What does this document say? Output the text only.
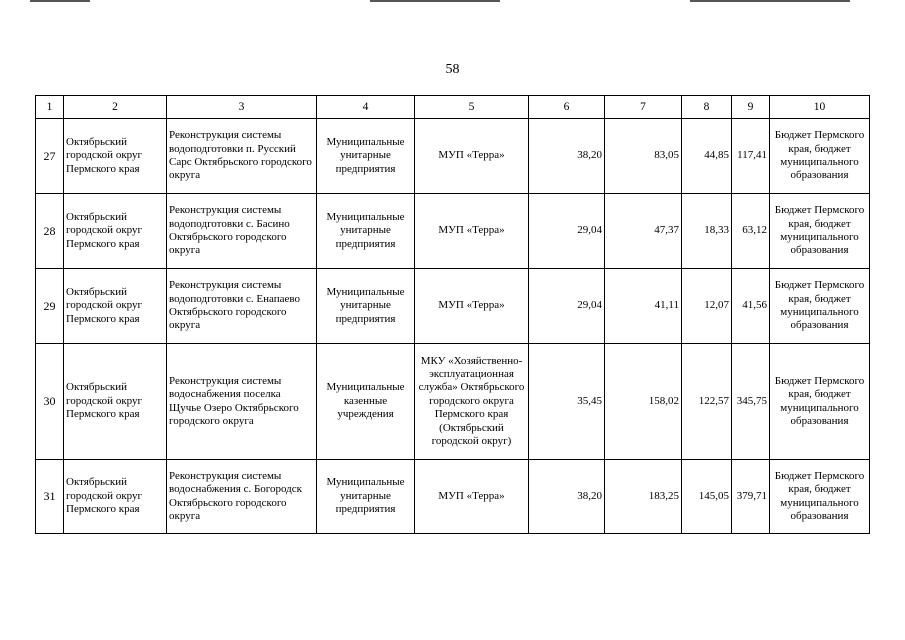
58
1	2	3	4	5	6	7	8	9	10
27	Октябрьский городской округ Пермского края	Реконструкция системы водоподготовки п. Русский Сарс Октябрьского городского округа	Муниципальные унитарные предприятия	МУП «Терра»	38,20	83,05	44,85	117,41	Бюджет Пермского края, бюджет муниципального образования
28	Октябрьский городской округ Пермского края	Реконструкция системы водоподготовки с. Басино Октябрьского городского округа	Муниципальные унитарные предприятия	МУП «Терра»	29,04	47,37	18,33	63,12	Бюджет Пермского края, бюджет муниципального образования
29	Октябрьский городской округ Пермского края	Реконструкция системы водоподготовки с. Енапаево Октябрьского городского округа	Муниципальные унитарные предприятия	МУП «Терра»	29,04	41,11	12,07	41,56	Бюджет Пермского края, бюджет муниципального образования
30	Октябрьский городской округ Пермского края	Реконструкция системы водоснабжения поселка Щучье Озеро Октябрьского городского округа	Муниципальные казенные учреждения	МКУ «Хозяйственно-эксплуатационная служба» Октябрьского городского округа Пермского края (Октябрьский городской округ)	35,45	158,02	122,57	345,75	Бюджет Пермского края, бюджет муниципального образования
31	Октябрьский городской округ Пермского края	Реконструкция системы водоснабжения с. Богородск Октябрьского городского округа	Муниципальные унитарные предприятия	МУП «Терра»	38,20	183,25	145,05	379,71	Бюджет Пермского края, бюджет муниципального образования
